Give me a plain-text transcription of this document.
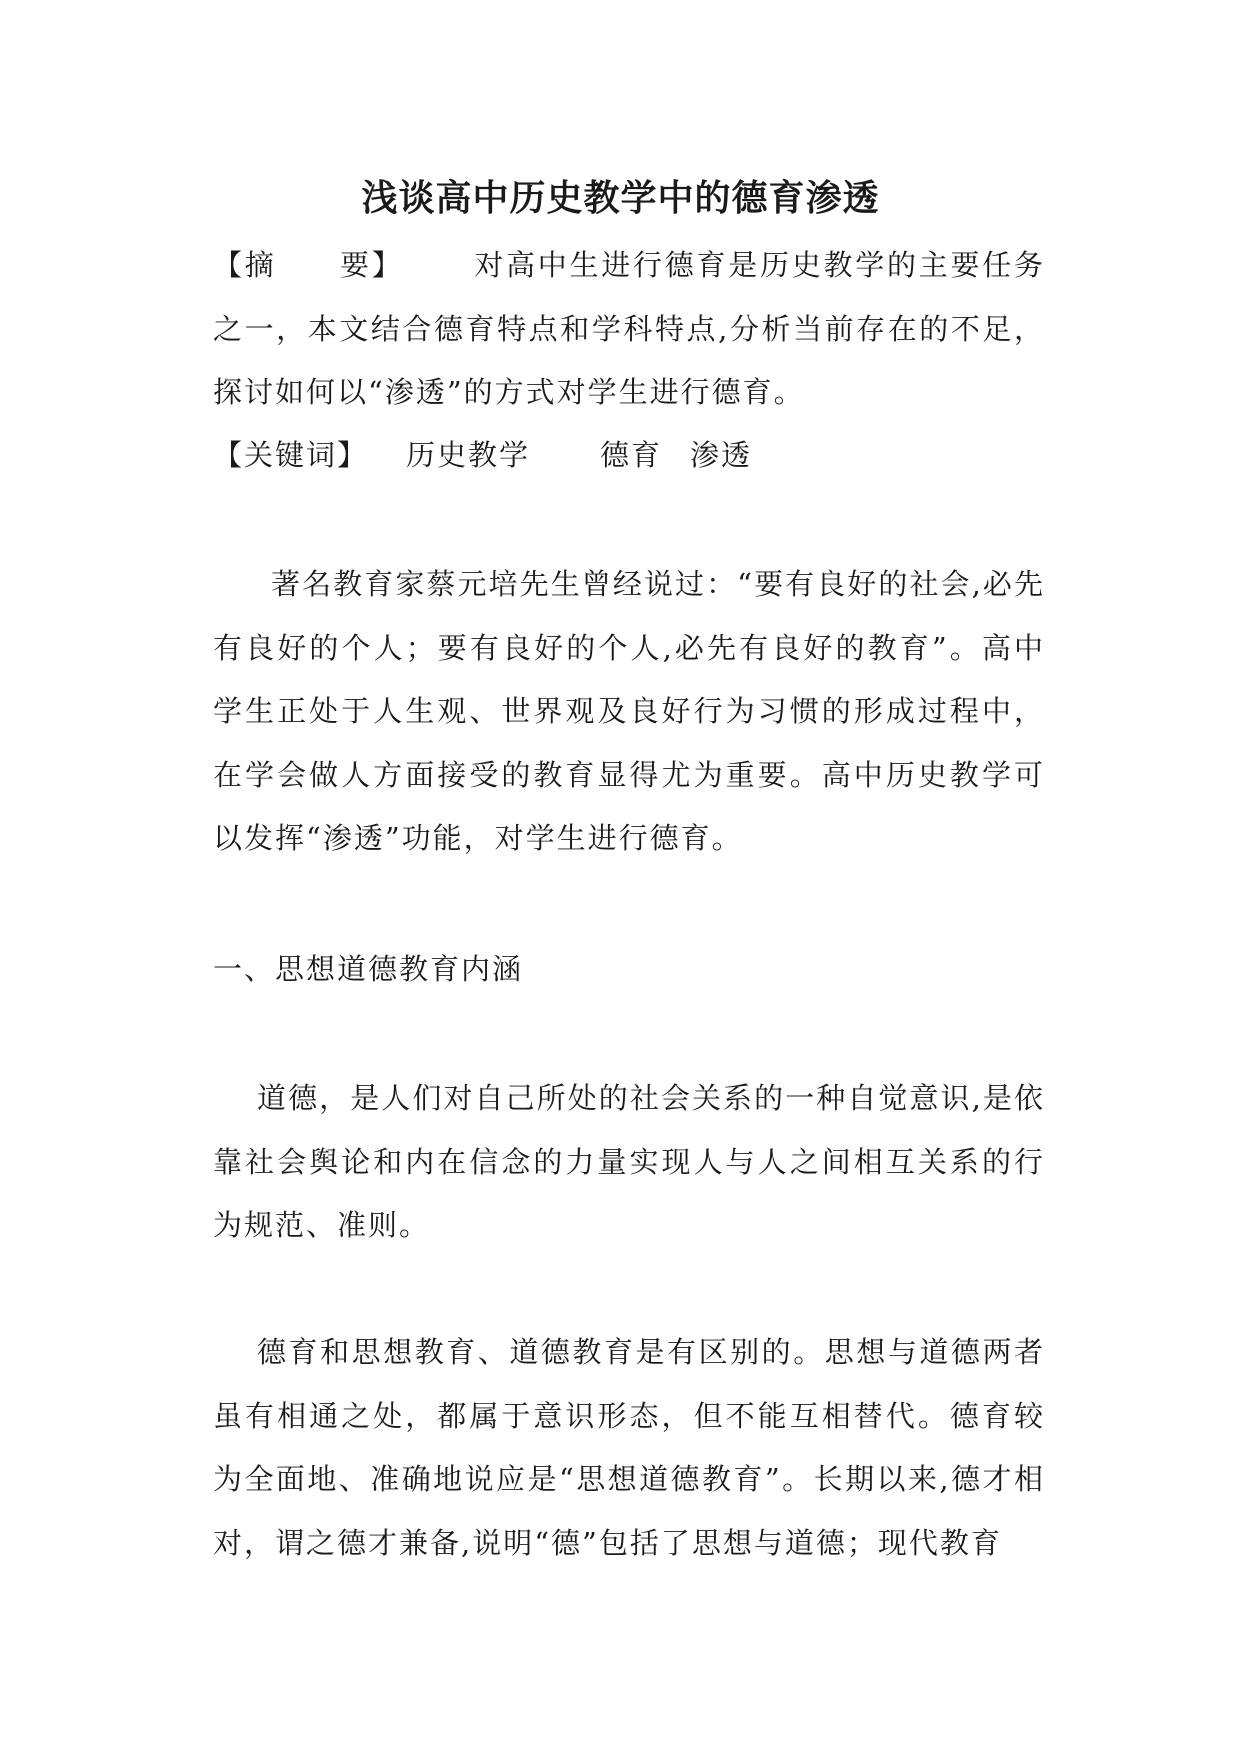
浅谈高中历史教学中的德育渗透
【摘　　要】 对高中生进行德育是历史教学的主要任务之一，本文结合德育特点和学科特点,分析当前存在的不足，探讨如何以“渗透”的方式对学生进行德育。
【关键词】 历史教学 德育 渗透
著名教育家蔡元培先生曾经说过：“要有良好的社会,必先有良好的个人；要有良好的个人,必先有良好的教育”。高中学生正处于人生观、世界观及良好行为习惯的形成过程中，在学会做人方面接受的教育显得尤为重要。高中历史教学可以发挥“渗透”功能，对学生进行德育。
一、思想道德教育内涵
道德，是人们对自己所处的社会关系的一种自觉意识,是依靠社会舆论和内在信念的力量实现人与人之间相互关系的行为规范、准则。
德育和思想教育、道德教育是有区别的。思想与道德两者虽有相通之处，都属于意识形态，但不能互相替代。德育较为全面地、准确地说应是“思想道德教育”。长期以来,德才相对，谓之德才兼备,说明“德”包括了思想与道德；现代教育
